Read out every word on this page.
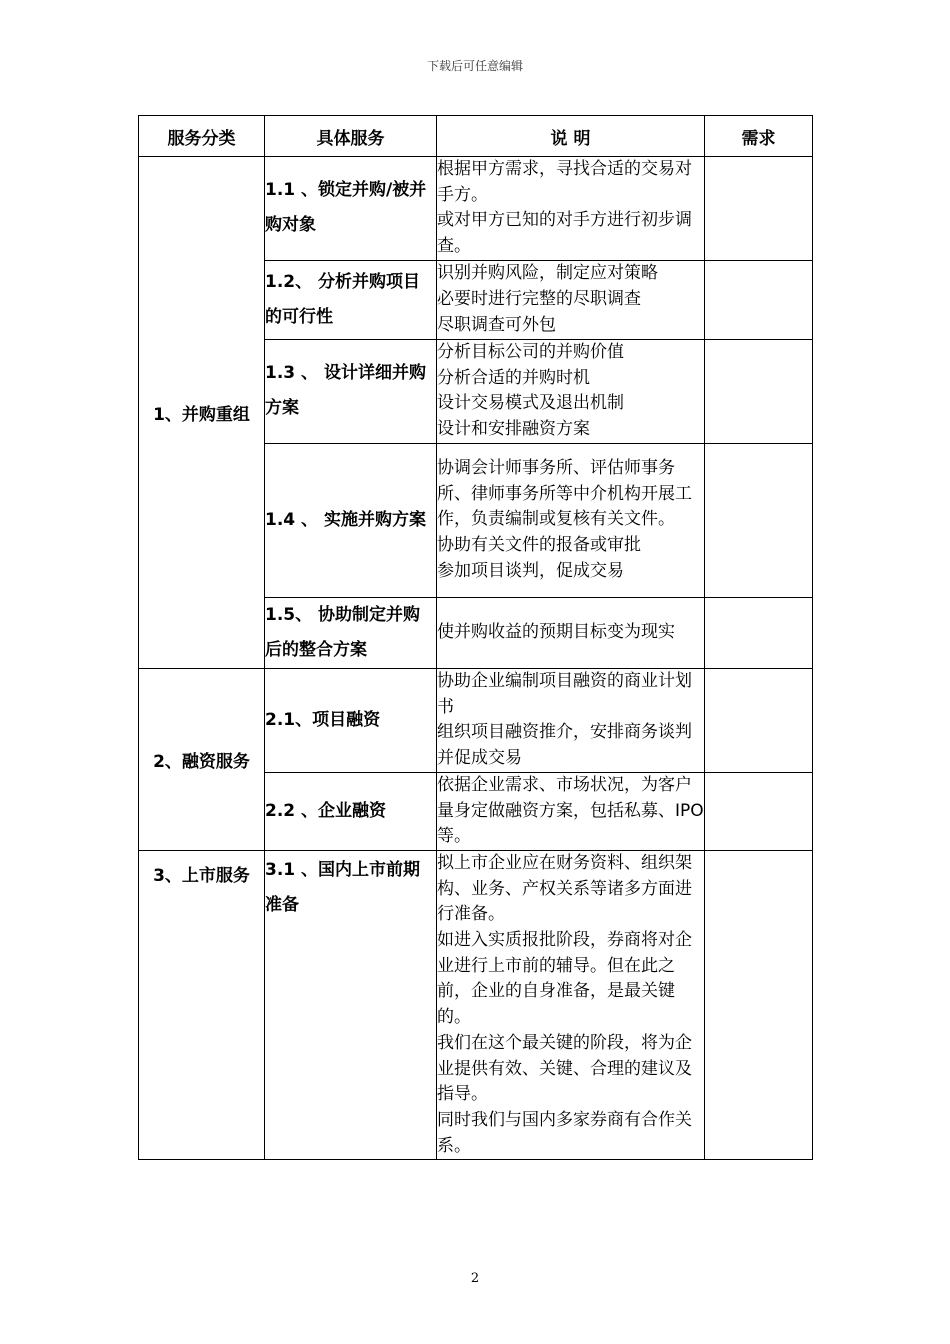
下载后可任意编辑
服务分类	具体服务	说 明	需求
1、并购重组	1.1 、锁定并购/被并购对象	根据甲方需求，寻找合适的交易对手方。
或对甲方已知的对手方进行初步调查。	

	1.2、 分析并购项目的可行性	识别并购风险，制定应对策略
必要时进行完整的尽职调查
尽职调查可外包	

	1.3 、 设计详细并购方案	分析目标公司的并购价值
分析合适的并购时机
设计交易模式及退出机制
设计和安排融资方案	

	1.4 、 实施并购方案	协调会计师事务所、评估师事务所、律师事务所等中介机构开展工作，负责编制或复核有关文件。
协助有关文件的报备或审批
参加项目谈判，促成交易	

	1.5、 协助制定并购后的整合方案	使并购收益的预期目标变为现实	

2、融资服务	2.1、项目融资	协助企业编制项目融资的商业计划书
组织项目融资推介，安排商务谈判并促成交易	

	2.2 、企业融资	依据企业需求、市场状况，为客户量身定做融资方案，包括私募、IPO等。	

3、上市服务	3.1 、国内上市前期准备	拟上市企业应在财务资料、组织架构、业务、产权关系等诸多方面进行准备。
如进入实质报批阶段，券商将对企业进行上市前的辅导。但在此之前，企业的自身准备，是最关键的。
我们在这个最关键的阶段，将为企业提供有效、关键、合理的建议及指导。
同时我们与国内多家券商有合作关系。	

2
